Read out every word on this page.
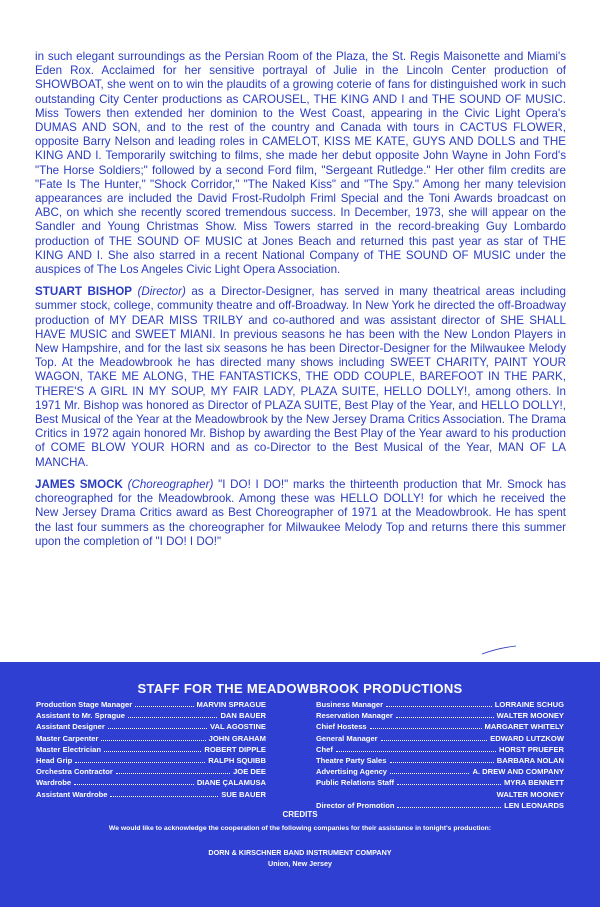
in such elegant surroundings as the Persian Room of the Plaza, the St. Regis Maisonette and Miami's Eden Rox. Acclaimed for her sensitive portrayal of Julie in the Lincoln Center production of SHOWBOAT, she went on to win the plaudits of a growing coterie of fans for distinguished work in such outstanding City Center productions as CAROUSEL, THE KING AND I and THE SOUND OF MUSIC. Miss Towers then extended her dominion to the West Coast, appearing in the Civic Light Opera's DUMAS AND SON, and to the rest of the country and Canada with tours in CACTUS FLOWER, opposite Barry Nelson and leading roles in CAMELOT, KISS ME KATE, GUYS AND DOLLS and THE KING AND I. Temporarily switching to films, she made her debut opposite John Wayne in John Ford's "The Horse Soldiers;" followed by a second Ford film, "Sergeant Rutledge." Her other film credits are "Fate Is The Hunter," "Shock Corridor," "The Naked Kiss" and "The Spy." Among her many television appearances are included the David Frost-Rudolph Friml Special and the Toni Awards broadcast on ABC, on which she recently scored tremendous success. In December, 1973, she will appear on the Sandler and Young Christmas Show. Miss Towers starred in the record-breaking Guy Lombardo production of THE SOUND OF MUSIC at Jones Beach and returned this past year as star of THE KING AND I. She also starred in a recent National Company of THE SOUND OF MUSIC under the auspices of The Los Angeles Civic Light Opera Association.

STUART BISHOP (Director) as a Director-Designer, has served in many theatrical areas including summer stock, college, community theatre and off-Broadway. In New York he directed the off-Broadway production of MY DEAR MISS TRILBY and co-authored and was assistant director of SHE SHALL HAVE MUSIC and SWEET MIANI. In previous seasons he has been with the New London Players in New Hampshire, and for the last six seasons he has been Director-Designer for the Milwaukee Melody Top. At the Meadowbrook he has directed many shows including SWEET CHARITY, PAINT YOUR WAGON, TAKE ME ALONG, THE FANTASTICKS, THE ODD COUPLE, BAREFOOT IN THE PARK, THERE'S A GIRL IN MY SOUP, MY FAIR LADY, PLAZA SUITE, HELLO DOLLY!, among others. In 1971 Mr. Bishop was honored as Director of PLAZA SUITE, Best Play of the Year, and HELLO DOLLY!, Best Musical of the Year at the Meadowbrook by the New Jersey Drama Critics Association. The Drama Critics in 1972 again honored Mr. Bishop by awarding the Best Play of the Year award to his production of COME BLOW YOUR HORN and as co-Director to the Best Musical of the Year, MAN OF LA MANCHA.

JAMES SMOCK (Choreographer) "I DO! I DO!" marks the thirteenth production that Mr. Smock has choreographed for the Meadowbrook. Among these was HELLO DOLLY! for which he received the New Jersey Drama Critics award as Best Choreographer of 1971 at the Meadowbrook. He has spent the last four summers as the choreographer for Milwaukee Melody Top and returns there this summer upon the completion of "I DO! I DO!"

STAFF FOR THE MEADOWBROOK PRODUCTIONS
Production Stage Manager	MARVIN SPRAGUE
Assistant to Mr. Sprague	DAN BAUER
Assistant Designer	VAL AGOSTINE
Master Carpenter	JOHN GRAHAM
Master Electrician	ROBERT DIPPLE
Head Grip	RALPH SQUIBB
Orchestra Contractor	JOE DEE
Wardrobe	DIANE ÇALAMUSA
Assistant Wardrobe	SUE BAUER
Business Manager	LORRAINE SCHUG
Reservation Manager	WALTER MOONEY
Chief Hostess	MARGARET WHITELY
General Manager	EDWARD LUTZKOW
Chef	HORST PRUEFER
Theatre Party Sales	BARBARA NOLAN
Advertising Agency	A. DREW AND COMPANY
Public Relations Staff	MYRA BENNETT
WALTER MOONEY
Director of Promotion	LEN LEONARDS
CREDITS
We would like to acknowledge the cooperation of the following companies for their assistance in tonight's production:
DORN & KIRSCHNER BAND INSTRUMENT COMPANY
Union, New Jersey
